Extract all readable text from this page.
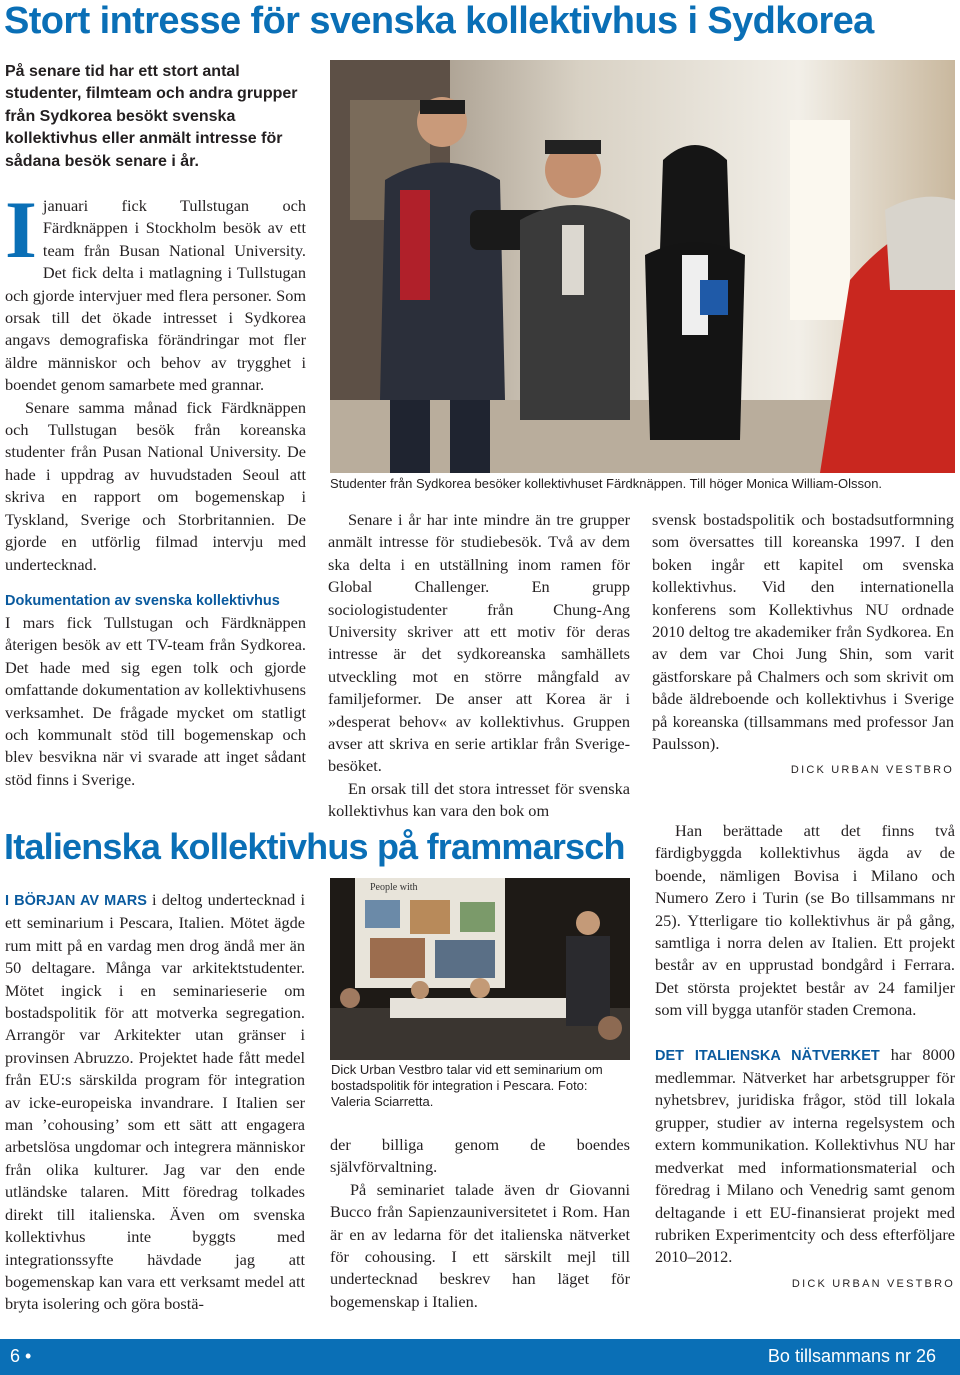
Stort intresse för svenska kollektivhus i Sydkorea
På senare tid har ett stort antal studenter, filmteam och andra grupper från Sydkorea besökt svenska kollektivhus eller anmält intresse för sådana besök senare i år.

Ijanuari fick Tullstugan och Färdknäppen i Stockholm besök av ett team från Busan National University. Det fick delta i matlagning i Tullstugan och gjorde intervjuer med flera personer. Som orsak till det ökade intresset i Sydkorea angavs demografiska förändringar mot fler äldre människor och behov av trygghet i boendet genom samarbete med grannar.

Senare samma månad fick Färdknäppen och Tullstugan besök från koreanska studenter från Pusan National University. De hade i uppdrag av huvudstaden Seoul att skriva en rapport om bogemenskap i Tyskland, Sverige och Storbritannien. De gjorde en utförlig filmad intervju med undertecknad.

Dokumentation av svenska kollektivhus

I mars fick Tullstugan och Färdknäppen återigen besök av ett TV-team från Sydkorea. Det hade med sig egen tolk och gjorde omfattande dokumentation av kollektivhusens verksamhet. De frågade mycket om statligt och kommunalt stöd till bogemenskap och blev besvikna när vi svarade att inget sådant stöd finns i Sverige.

Studenter från Sydkorea besöker kollektivhuset Färdknäppen. Till höger Monica William-Olsson.

Senare i år har inte mindre än tre grupper anmält intresse för studiebesök. Två av dem ska delta i en utställning inom ramen för Global Challenger. En grupp sociologistudenter från Chung-Ang University skriver att ett motiv för deras intresse är det sydkoreanska samhällets utveckling mot en större mångfald av familjeformer. De anser att Korea är i »desperat behov« av kollektivhus. Gruppen avser att skriva en serie artiklar från Sverige-besöket.

En orsak till det stora intresset för svenska kollektivhus kan vara den bok om

svensk bostadspolitik och bostadsutformning som översattes till koreanska 1997. I den boken ingår ett kapitel om svenska kollektivhus. Vid den internationella konferens som Kollektivhus NU ordnade 2010 deltog tre akademiker från Sydkorea. En av dem var Choi Jung Shin, som varit gästforskare på Chalmers och som skrivit om både äldreboende och kollektivhus i Sverige på koreanska (tillsammans med professor Jan Paulsson).

DICK URBAN VESTBRO
Italienska kollektivhus på frammarsch

I BÖRJAN AV MARS i deltog undertecknad i ett seminarium i Pescara, Italien. Mötet ägde rum mitt på en vardag men drog ändå mer än 50 deltagare. Många var arkitektstudenter. Mötet ingick i en seminarieserie om bostadspolitik för att motverka segregation. Arrangör var Arkitekter utan gränser i provinsen Abruzzo. Projektet hade fått medel från EU:s särskilda program för integration av icke-europeiska invandrare. I Italien ser man ’cohousing’ som ett sätt att engagera arbetslösa ungdomar och integrera människor från olika kulturer. Jag var den ende utländske talaren. Mitt föredrag tolkades direkt till italienska. Även om svenska kollektivhus inte byggts med integrationssyfte hävdade jag att bogemenskap kan vara ett verksamt medel att bryta isolering och göra bostä-

People with
Dick Urban Vestbro talar vid ett seminarium om bostadspolitik för integration i Pescara. Foto: Valeria Sciarretta.

der billiga genom de boendes självförvaltning.

På seminariet talade även dr Giovanni Bucco från Sapienzauniversitetet i Rom. Han är en av ledarna för det italienska nätverket för cohousing. I ett särskilt mejl till undertecknad beskrev han läget för bogemenskap i Italien.

Han berättade att det finns två färdigbyggda kollektivhus ägda av de boende, nämligen Bovisa i Milano och Numero Zero i Turin (se Bo tillsammans nr 25). Ytterligare tio kollektivhus är på gång, samtliga i norra delen av Italien. Ett projekt består av en upprustad bondgård i Ferrara. Det största projektet består av 24 familjer som vill bygga utanför staden Cremona.

DET ITALIENSKA NÄTVERKET har 8000 medlemmar. Nätverket har arbetsgrupper för nyhetsbrev, juridiska frågor, stöd till lokala grupper, studier av interna regelsystem och extern kommunikation. Kollektivhus NU har medverkat med informationsmaterial och föredrag i Milano och Venedrig samt genom deltagande i ett EU-finansierat projekt med rubriken Experimentcity och dess efterföljare 2010–2012.

DICK URBAN VESTBRO
6 •	Bo tillsammans nr 26
